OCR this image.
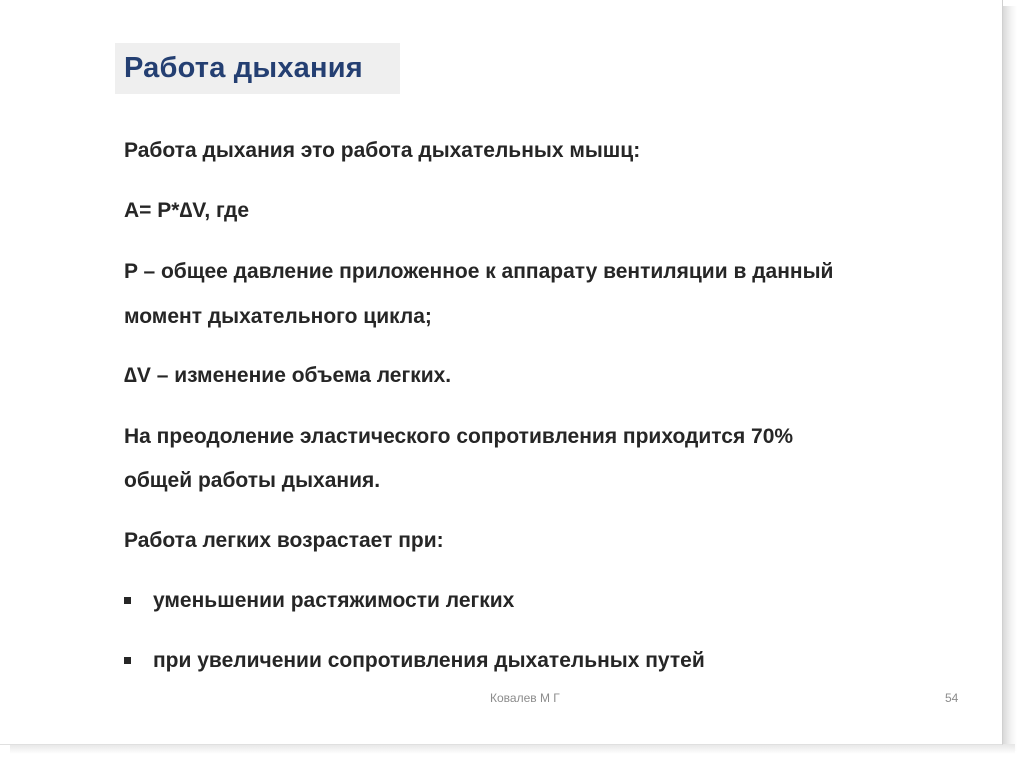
Работа дыхания
Работа дыхания это работа дыхательных мышц:
A= P*∆V, где
P – общее давление приложенное к аппарату вентиляции в данный
момент дыхательного цикла;
∆V – изменение объема легких.
На преодоление эластического сопротивления приходится 70%
общей работы дыхания.
Работа легких возрастает при:
уменьшении растяжимости легких
при увеличении сопротивления дыхательных путей
Ковалев М Г	54
